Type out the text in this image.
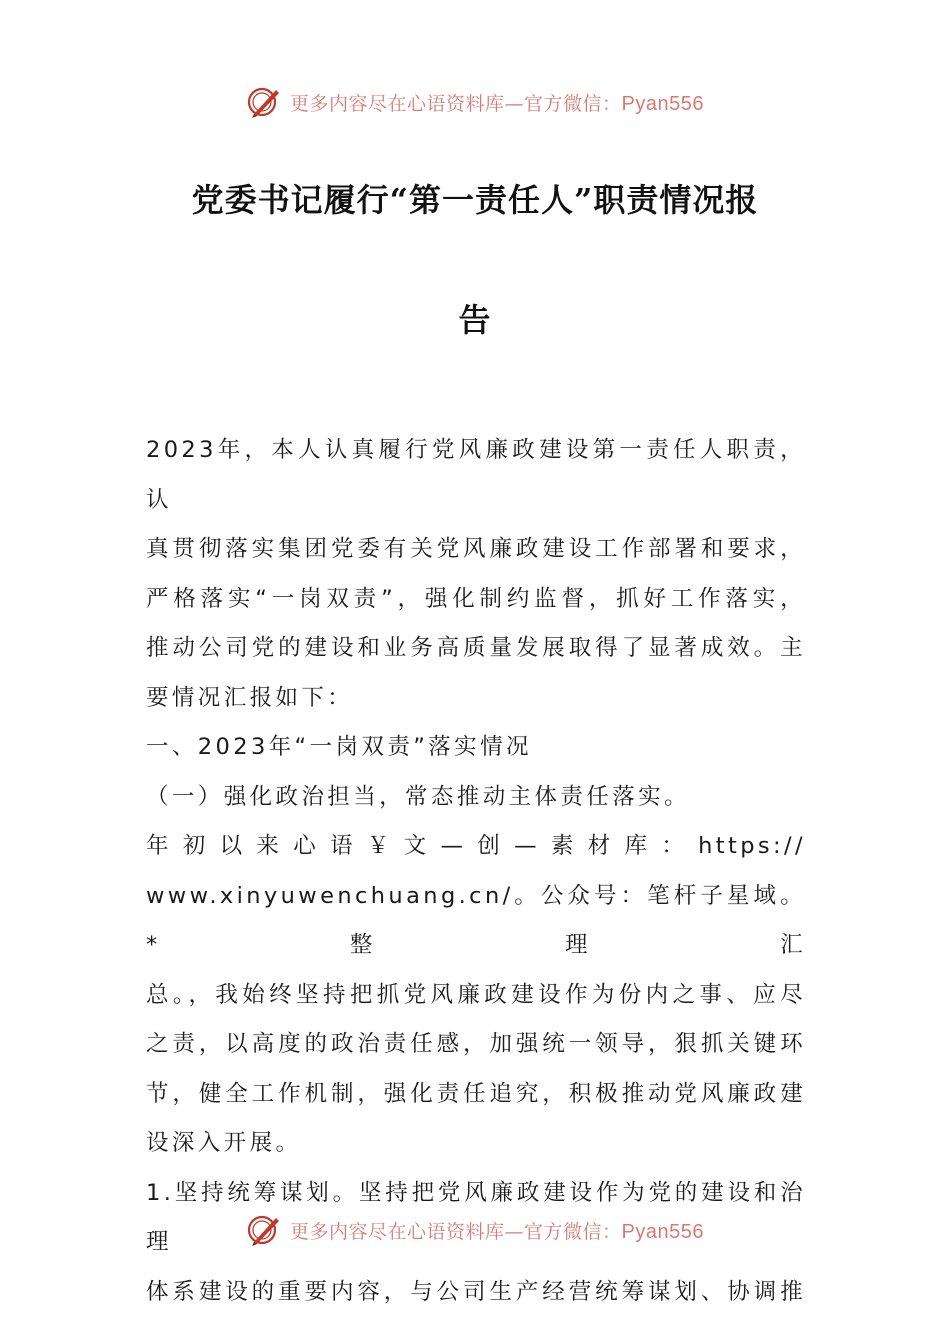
更多内容尽在心语资料库—官方微信：Pyan556
党委书记履行“第一责任人”职责情况报
告

2023年，本人认真履行党风廉政建设第一责任人职责，认

真贯彻落实集团党委有关党风廉政建设工作部署和要求，

严格落实“一岗双责”，强化制约监督，抓好工作落实，

推动公司党的建设和业务高质量发展取得了显著成效。主

要情况汇报如下：

一、2023年“一岗双责”落实情况

（一）强化政治担当，常态推动主体责任落实。

年初以来心语￥文—创—素材库：https://

www.xinyuwenchuang.cn/。公众号：笔杆子星域。*整理汇

总。，我始终坚持把抓党风廉政建设作为份内之事、应尽

之责，以高度的政治责任感，加强统一领导，狠抓关键环

节，健全工作机制，强化责任追究，积极推动党风廉政建

设深入开展。

1.坚持统筹谋划。坚持把党风廉政建设作为党的建设和治理

体系建设的重要内容，与公司生产经营统筹谋划、协调推

更多内容尽在心语资料库—官方微信：Pyan556
